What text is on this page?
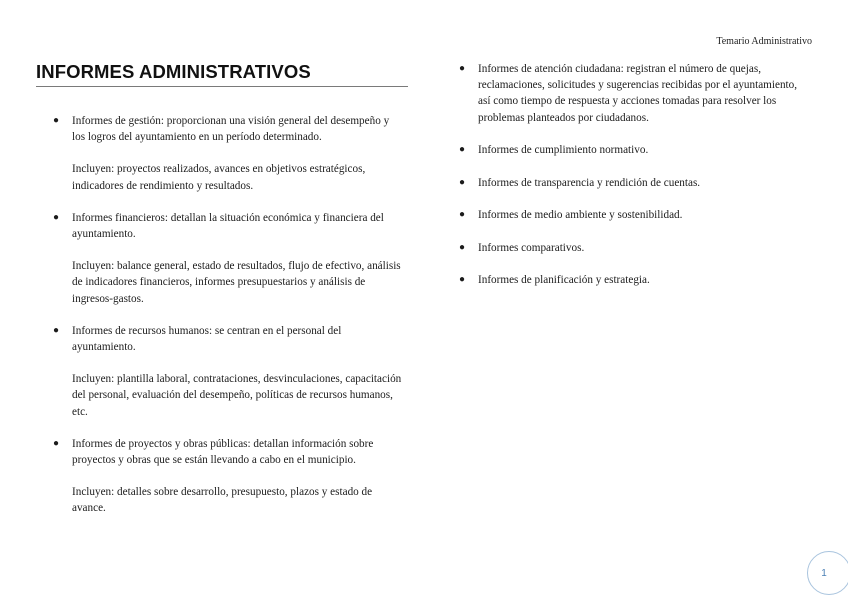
Temario Administrativo
INFORMES ADMINISTRATIVOS
● Informes de gestión: proporcionan una visión general del desempeño y los logros del ayuntamiento en un período determinado.
Incluyen: proyectos realizados, avances en objetivos estratégicos, indicadores de rendimiento y resultados.
● Informes financieros: detallan la situación económica y financiera del ayuntamiento.
Incluyen: balance general, estado de resultados, flujo de efectivo, análisis de indicadores financieros, informes presupuestarios y análisis de ingresos-gastos.
● Informes de recursos humanos: se centran en el personal del ayuntamiento.
Incluyen: plantilla laboral, contrataciones, desvinculaciones, capacitación del personal, evaluación del desempeño, políticas de recursos humanos, etc.
● Informes de proyectos y obras públicas: detallan información sobre proyectos y obras que se están llevando a cabo en el municipio.
Incluyen: detalles sobre desarrollo, presupuesto, plazos y estado de avance.
● Informes de atención ciudadana: registran el número de quejas, reclamaciones, solicitudes y sugerencias recibidas por el ayuntamiento, así como tiempo de respuesta y acciones tomadas para resolver los problemas planteados por ciudadanos.
● Informes de cumplimiento normativo.
● Informes de transparencia y rendición de cuentas.
● Informes de medio ambiente y sostenibilidad.
● Informes comparativos.
● Informes de planificación y estrategia.
1
